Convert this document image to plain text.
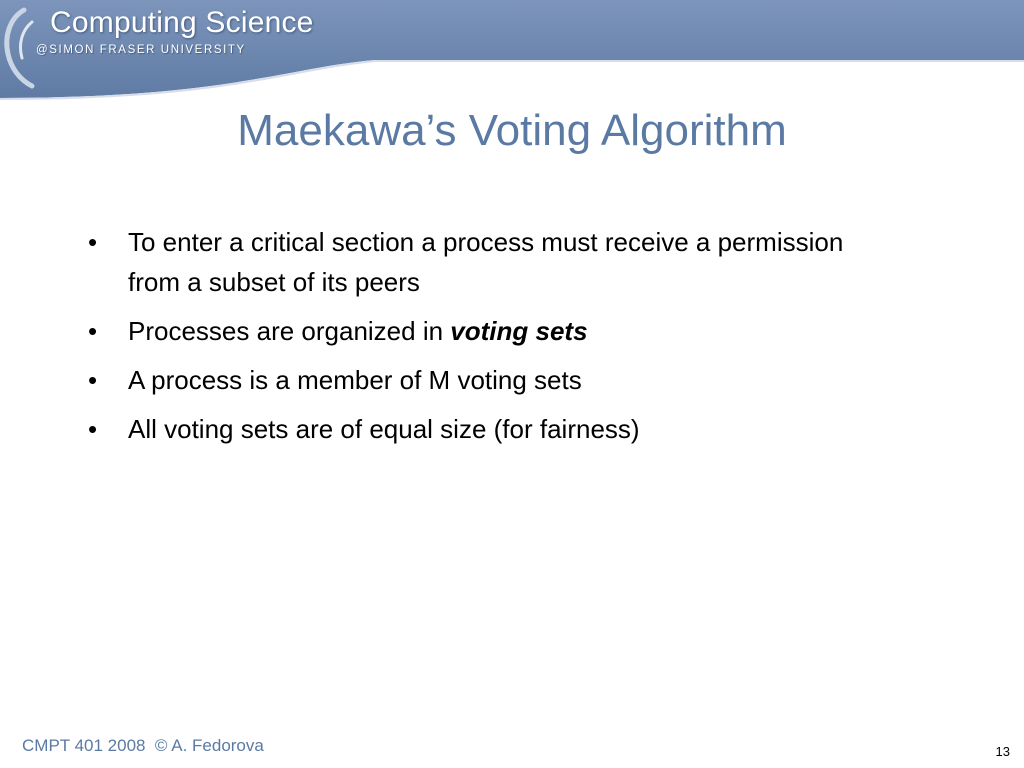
Computing Science
@SIMON FRASER UNIVERSITY
Maekawa’s Voting Algorithm
• To enter a critical section a process must receive a permission from a subset of its peers
• Processes are organized in voting sets
• A process is a member of M voting sets
• All voting sets are of equal size (for fairness)
CMPT 401 2008  © A. Fedorova	13
